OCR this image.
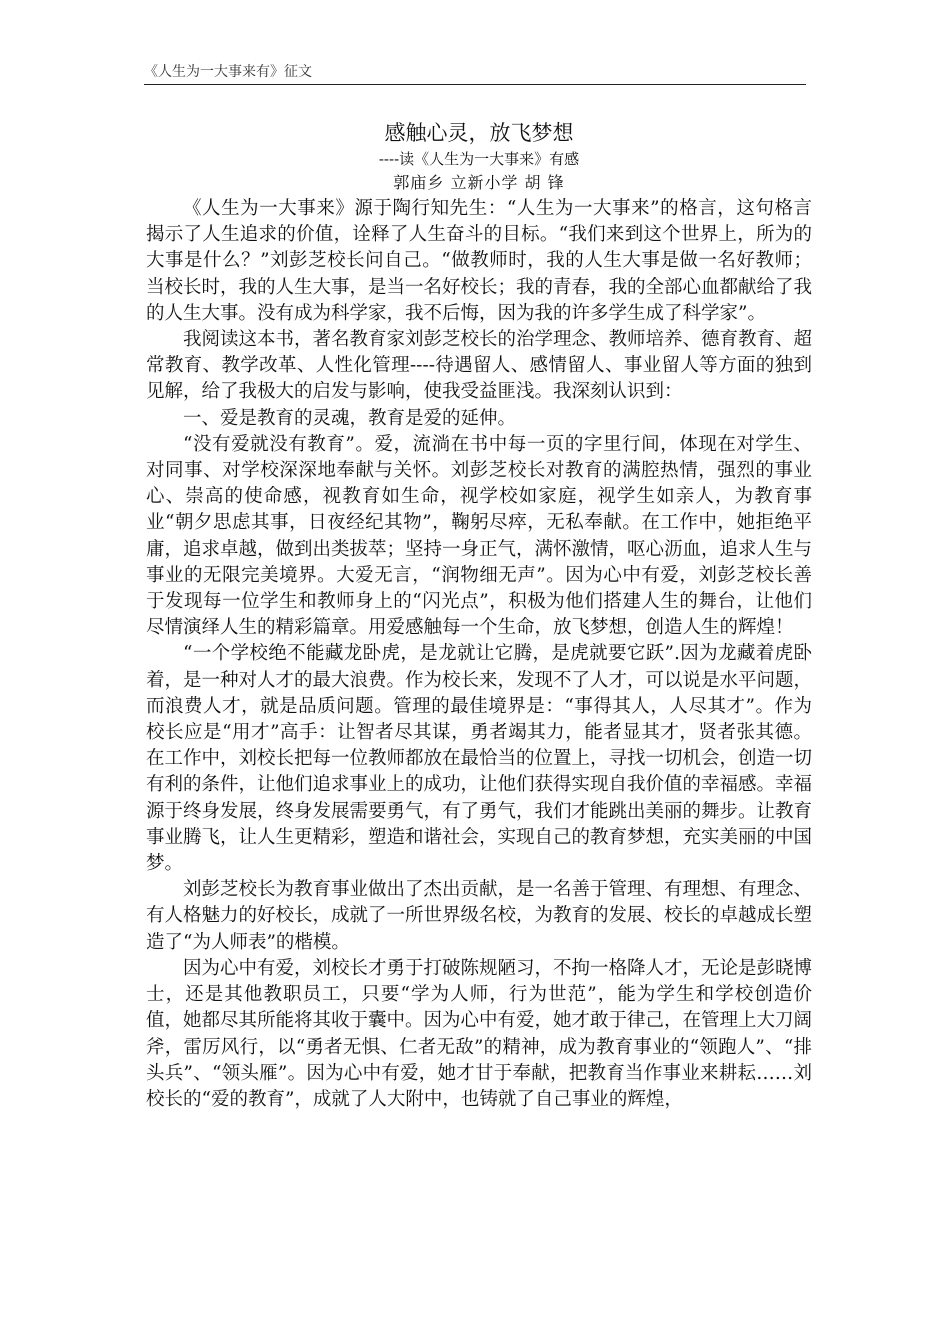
《人生为一大事来有》征文
感触心灵，放飞梦想

----读《人生为一大事来》有感

郭庙乡 立新小学 胡 锋

《人生为一大事来》源于陶行知先生：“人生为一大事来”的格言，这句格言揭示了人生追求的价值，诠释了人生奋斗的目标。“我们来到这个世界上，所为的大事是什么？”刘彭芝校长问自己。“做教师时，我的人生大事是做一名好教师；当校长时，我的人生大事，是当一名好校长；我的青春，我的全部心血都献给了我的人生大事。没有成为科学家，我不后悔，因为我的许多学生成了科学家”。

我阅读这本书，著名教育家刘彭芝校长的治学理念、教师培养、德育教育、超常教育、教学改革、人性化管理----待遇留人、感情留人、事业留人等方面的独到见解，给了我极大的启发与影响，使我受益匪浅。我深刻认识到：

一、爱是教育的灵魂，教育是爱的延伸。

“没有爱就没有教育”。爱，流淌在书中每一页的字里行间，体现在对学生、对同事、对学校深深地奉献与关怀。刘彭芝校长对教育的满腔热情，强烈的事业心、崇高的使命感，视教育如生命，视学校如家庭，视学生如亲人，为教育事业“朝夕思虑其事，日夜经纪其物”，鞠躬尽瘁，无私奉献。在工作中，她拒绝平庸，追求卓越，做到出类拔萃；坚持一身正气，满怀激情，呕心沥血，追求人生与事业的无限完美境界。大爱无言，“润物细无声”。因为心中有爱，刘彭芝校长善于发现每一位学生和教师身上的“闪光点”，积极为他们搭建人生的舞台，让他们尽情演绎人生的精彩篇章。用爱感触每一个生命，放飞梦想，创造人生的辉煌！

“一个学校绝不能藏龙卧虎，是龙就让它腾，是虎就要它跃”.因为龙藏着虎卧着，是一种对人才的最大浪费。作为校长来，发现不了人才，可以说是水平问题，而浪费人才，就是品质问题。管理的最佳境界是：“事得其人，人尽其才”。作为校长应是“用才”高手：让智者尽其谋，勇者竭其力，能者显其才，贤者张其德。在工作中，刘校长把每一位教师都放在最恰当的位置上，寻找一切机会，创造一切有利的条件，让他们追求事业上的成功，让他们获得实现自我价值的幸福感。幸福源于终身发展，终身发展需要勇气，有了勇气，我们才能跳出美丽的舞步。让教育事业腾飞，让人生更精彩，塑造和谐社会，实现自己的教育梦想，充实美丽的中国梦。

刘彭芝校长为教育事业做出了杰出贡献，是一名善于管理、有理想、有理念、有人格魅力的好校长，成就了一所世界级名校，为教育的发展、校长的卓越成长塑造了“为人师表”的楷模。

因为心中有爱，刘校长才勇于打破陈规陋习，不拘一格降人才，无论是彭晓博士，还是其他教职员工，只要“学为人师，行为世范”，能为学生和学校创造价值，她都尽其所能将其收于囊中。因为心中有爱，她才敢于律己，在管理上大刀阔斧，雷厉风行，以“勇者无惧、仁者无敌”的精神，成为教育事业的“领跑人”、“排头兵”、“领头雁”。因为心中有爱，她才甘于奉献，把教育当作事业来耕耘……刘校长的“爱的教育”，成就了人大附中，也铸就了自己事业的辉煌，
